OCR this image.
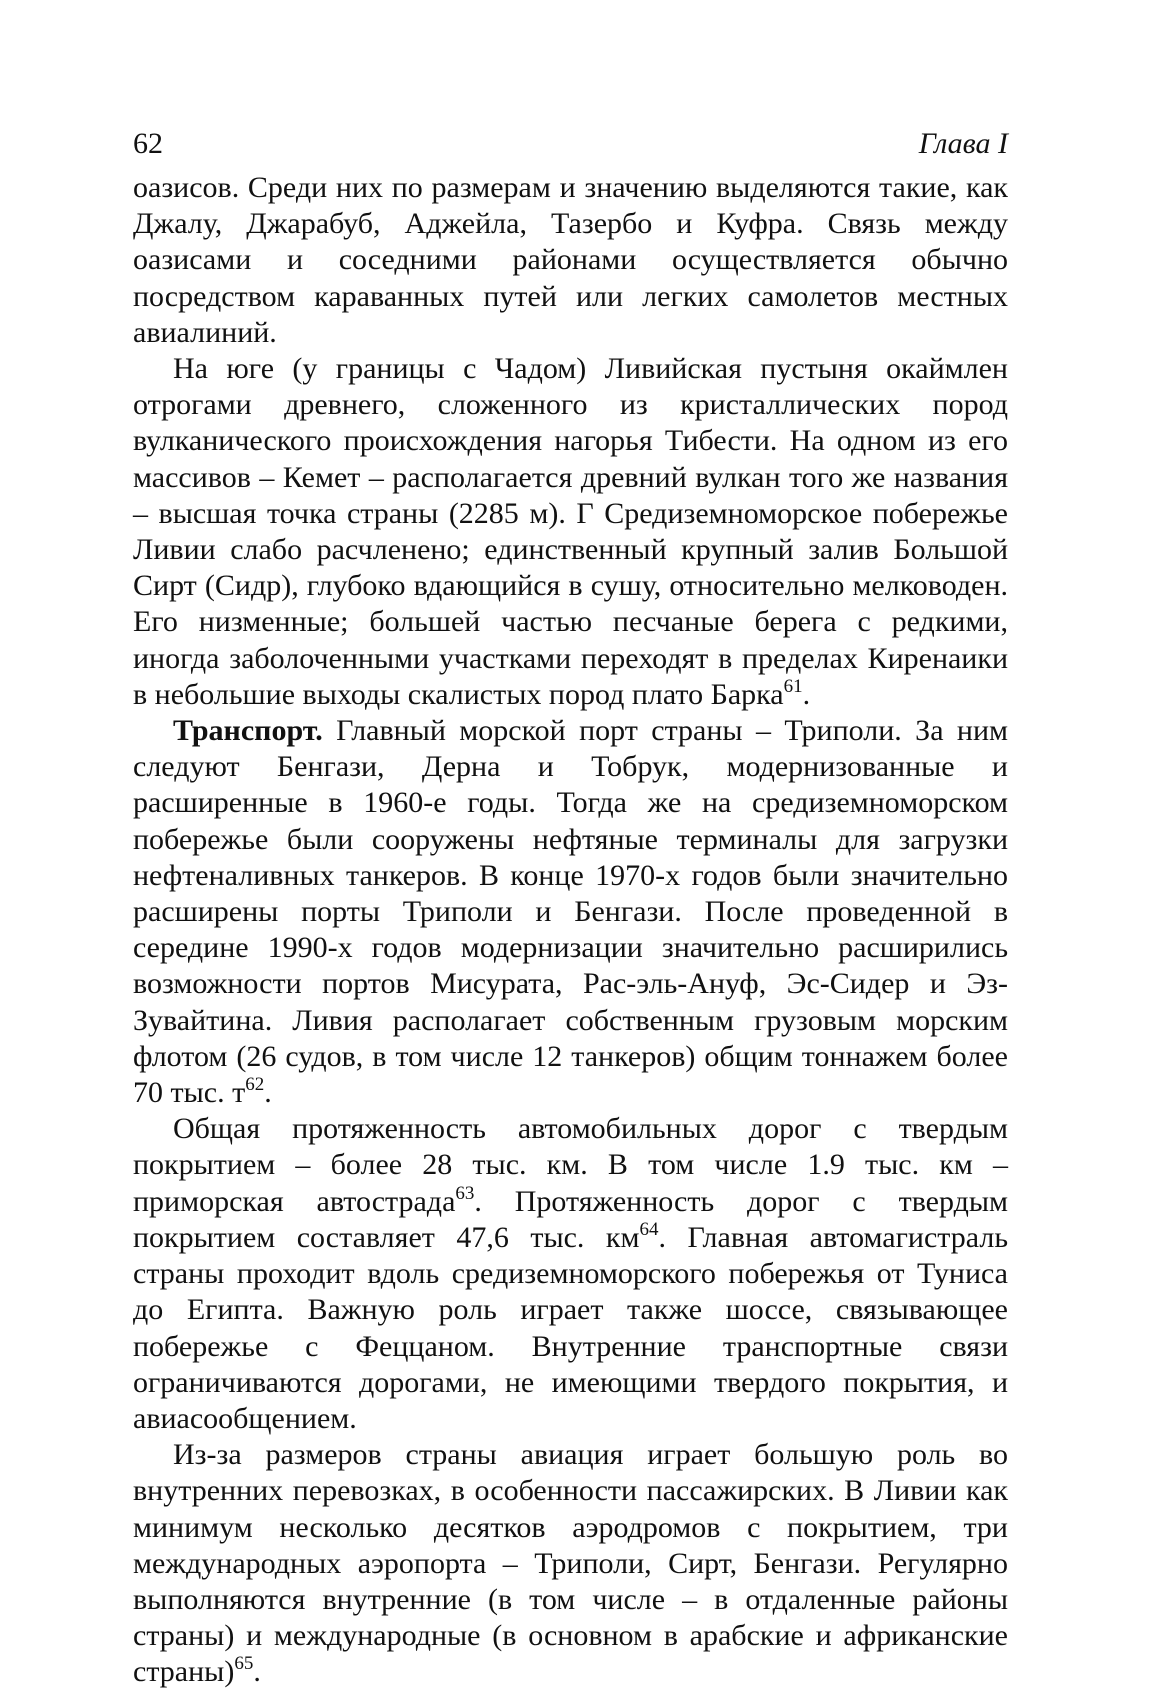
62	Глава I

оазисов. Среди них по размерам и значению выделяются такие, как Джалу, Джарабуб, Аджейла, Тазербо и Куфра. Связь между оазисами и соседними районами осуществляется обычно посредством караванных путей или легких самолетов местных авиалиний.

На юге (у границы с Чадом) Ливийская пустыня окаймлен отрогами древнего, сложенного из кристаллических пород вулканического происхождения нагорья Тибести. На одном из его массивов – Кемет – располагается древний вулкан того же названия – высшая точка страны (2285 м). Г Средиземноморское побережье Ливии слабо расчленено; единственный крупный залив Большой Сирт (Сидр), глубоко вдающийся в сушу, относительно мелководен. Его низменные; большей частью песчаные берега с редкими, иногда заболоченными участками переходят в пределах Киренаики в небольшие выходы скалистых пород плато Барка$^{61}$.

Транспорт. Главный морской порт страны – Триполи. За ним следуют Бенгази, Дерна и Тобрук, модернизованные и расширенные в 1960-е годы. Тогда же на средиземноморском побережье были сооружены нефтяные терминалы для загрузки нефтеналивных танкеров. В конце 1970-х годов были значительно расширены порты Триполи и Бенгази. После проведенной в середине 1990-х годов модернизации значительно расширились возможности портов Мисурата, Рас-эль-Ануф, Эс-Сидер и Эз-Зувайтина. Ливия располагает собственным грузовым морским флотом (26 судов, в том числе 12 танкеров) общим тоннажем более 70 тыс. $т^{62}$.

Общая протяженность автомобильных дорог с твердым покрытием – более 28 тыс. км. В том числе 1.9 тыс. км – приморская автострада$^{63}$. Протяженность дорог с твердым покрытием составляет 47,6 тыс. $км^{64}$. Главная автомагистраль страны проходит вдоль средиземноморского побережья от Туниса до Египта. Важную роль играет также шоссе, связывающее побережье с Феццаном. Внутренние транспортные связи ограничиваются дорогами, не имеющими твердого покрытия, и авиасообщением.

Из-за размеров страны авиация играет большую роль во внутренних перевозках, в особенности пассажирских. В Ливии как минимум несколько десятков аэродромов с покрытием, три международных аэропорта – Триполи, Сирт, Бенгази. Регулярно выполняются внутренние (в том числе – в отдаленные районы страны) и международные (в основном в арабские и африканские страны)$^{65}$.
